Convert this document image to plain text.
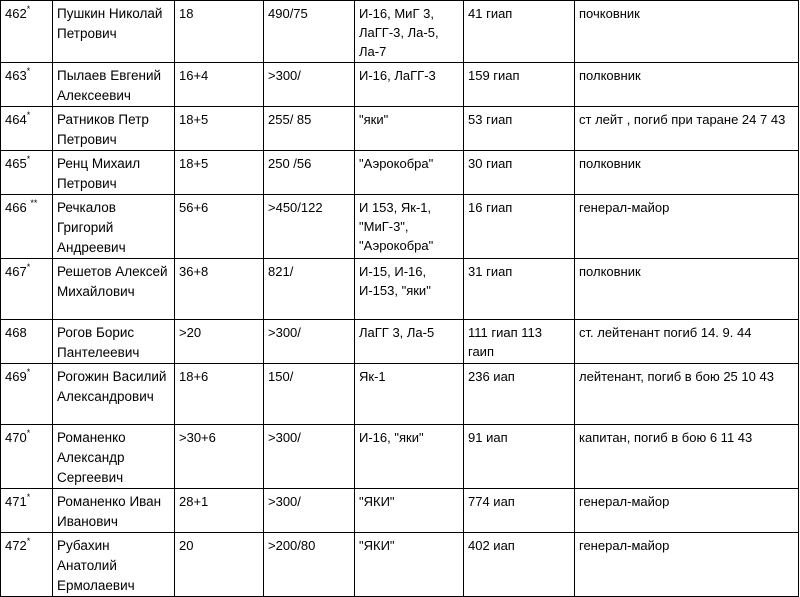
462*	Пушкин Николай Петрович	18	490/75	И-16, МиГ 3, ЛаГГ-3, Ла-5, Ла-7	41 гиап	почковник
463*	Пылаев Евгений Алексеевич	16+4	>300/	И-16, ЛаГГ-3	159 гиап	полковник
464*	Ратников Петр Петрович	18+5	255/ 85	"яки"	53 гиап	ст лейт , погиб при таране 24 7 43
465*	Ренц Михаил Петрович	18+5	250 /56	"Аэрокобра"	30 гиап	полковник
466 **	Речкалов Григорий Андреевич	56+6	>450/122	И 153, Як-1, "МиГ-3", "Аэрокобра"	16 гиап	генерал-майор
467*	Решетов Алексей Михайлович	36+8	821/	И-15, И-16, И-153, "яки"	31 гиап	полковник
468	Рогов Борис Пантелеевич	>20	>300/	ЛаГГ 3, Ла-5	111 гиап 113 гаип	ст. лейтенант погиб 14. 9. 44
469*	Рогожин Василий Александрович	18+6	150/	Як-1	236 иап	лейтенант, погиб в бою 25 10 43
470*	Романенко Александр Сергеевич	>30+6	>300/	И-16, "яки"	91 иап	капитан, погиб в бою 6 11 43
471*	Романенко Иван Иванович	28+1	>300/	"ЯКИ"	774 иап	генерал-майор
472*	Рубахин Анатолий Ермолаевич	20	>200/80	"ЯКИ"	402 иап	генерал-майор
